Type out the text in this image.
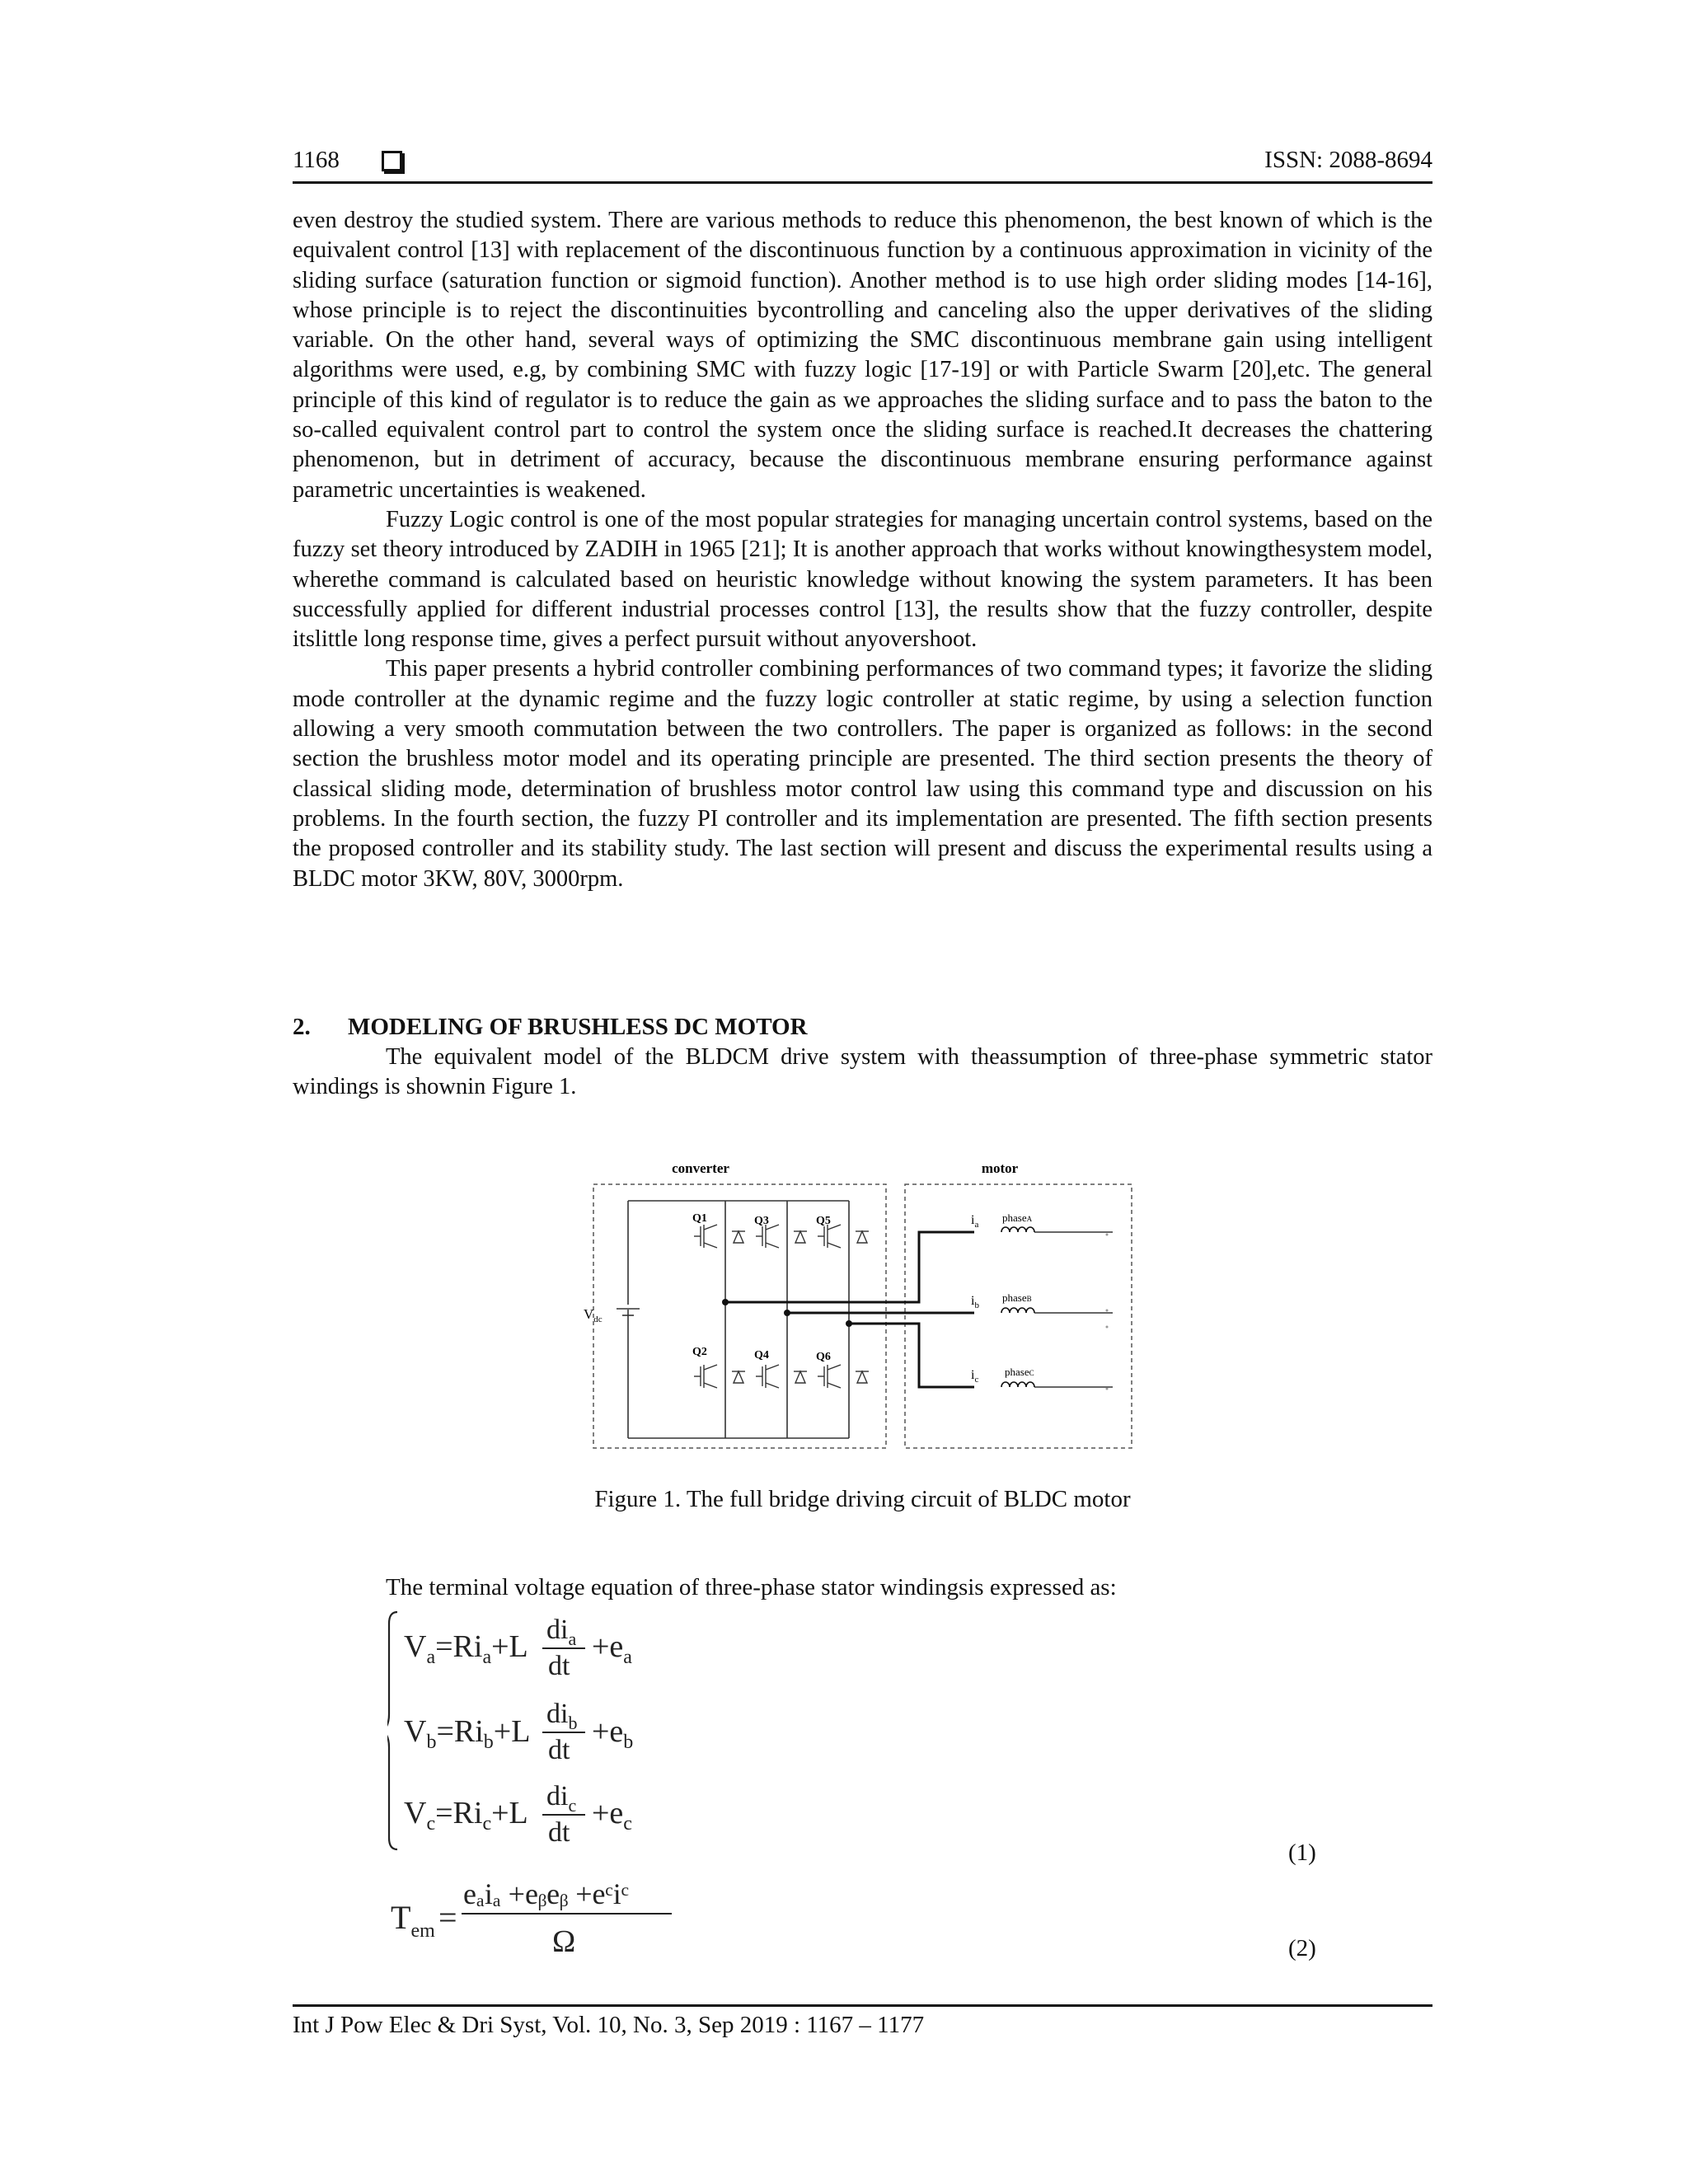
1168	ISSN: 2088-8694

even destroy the studied system. There are various methods to reduce this phenomenon, the best known of which is the equivalent control [13] with replacement of the discontinuous function by a continuous approximation in vicinity of the sliding surface (saturation function or sigmoid function). Another method is to use high order sliding modes [14-16], whose principle is to reject the discontinuities bycontrolling and canceling also the upper derivatives of the sliding variable. On the other hand, several ways of optimizing the SMC discontinuous membrane gain using intelligent algorithms were used, e.g, by combining SMC with fuzzy logic [17-19] or with Particle Swarm [20],etc. The general principle of this kind of regulator is to reduce the gain as we approaches the sliding surface and to pass the baton to the so-called equivalent control part to control the system once the sliding surface is reached.It decreases the chattering phenomenon, but in detriment of accuracy, because the discontinuous membrane ensuring performance against parametric uncertainties is weakened.

Fuzzy Logic control is one of the most popular strategies for managing uncertain control systems, based on the fuzzy set theory introduced by ZADIH in 1965 [21]; It is another approach that works without knowingthesystem model, wherethe command is calculated based on heuristic knowledge without knowing the system parameters. It has been successfully applied for different industrial processes control [13], the results show that the fuzzy controller, despite itslittle long response time, gives a perfect pursuit without anyovershoot.

This paper presents a hybrid controller combining performances of two command types; it favorize the sliding mode controller at the dynamic regime and the fuzzy logic controller at static regime, by using a selection function allowing a very smooth commutation between the two controllers. The paper is organized as follows: in the second section the brushless motor model and its operating principle are presented. The third section presents the theory of classical sliding mode, determination of brushless motor control law using this command type and discussion on his problems. In the fourth section, the fuzzy PI controller and its implementation are presented. The fifth section presents the proposed controller and its stability study. The last section will present and discuss the experimental results using a BLDC motor 3KW, 80V, 3000rpm.

2. MODELING OF BRUSHLESS DC MOTOR

The equivalent model of the BLDCM drive system with theassumption of three-phase symmetric stator windings is shownin Figure 1.

converter	motor
Q1	Q3	Q5
Q2	Q4	Q6
$V_{dc}$
$i_a$
$i_b$
$i_c$
phaseA
phaseB
phaseC
Figure 1. The full bridge driving circuit of BLDC motor
The terminal voltage equation of three-phase stator windingsis expressed as:
$V_a=Ri_a+L$ $di_a$
dt
$+e_a$
$V_b=Ri_b+L$
$di_b$
dt
$+e_b$
$V_c=Ri_c+L$ $di_c$
dt
$+e_c$
(1)
$T_{em}$ =
eₐiₐ +eᵦeᵦ +eᶜiᶜ
Ω	(2)
Int J Pow Elec & Dri Syst, Vol. 10, No. 3, Sep 2019 : 1167 – 1177
